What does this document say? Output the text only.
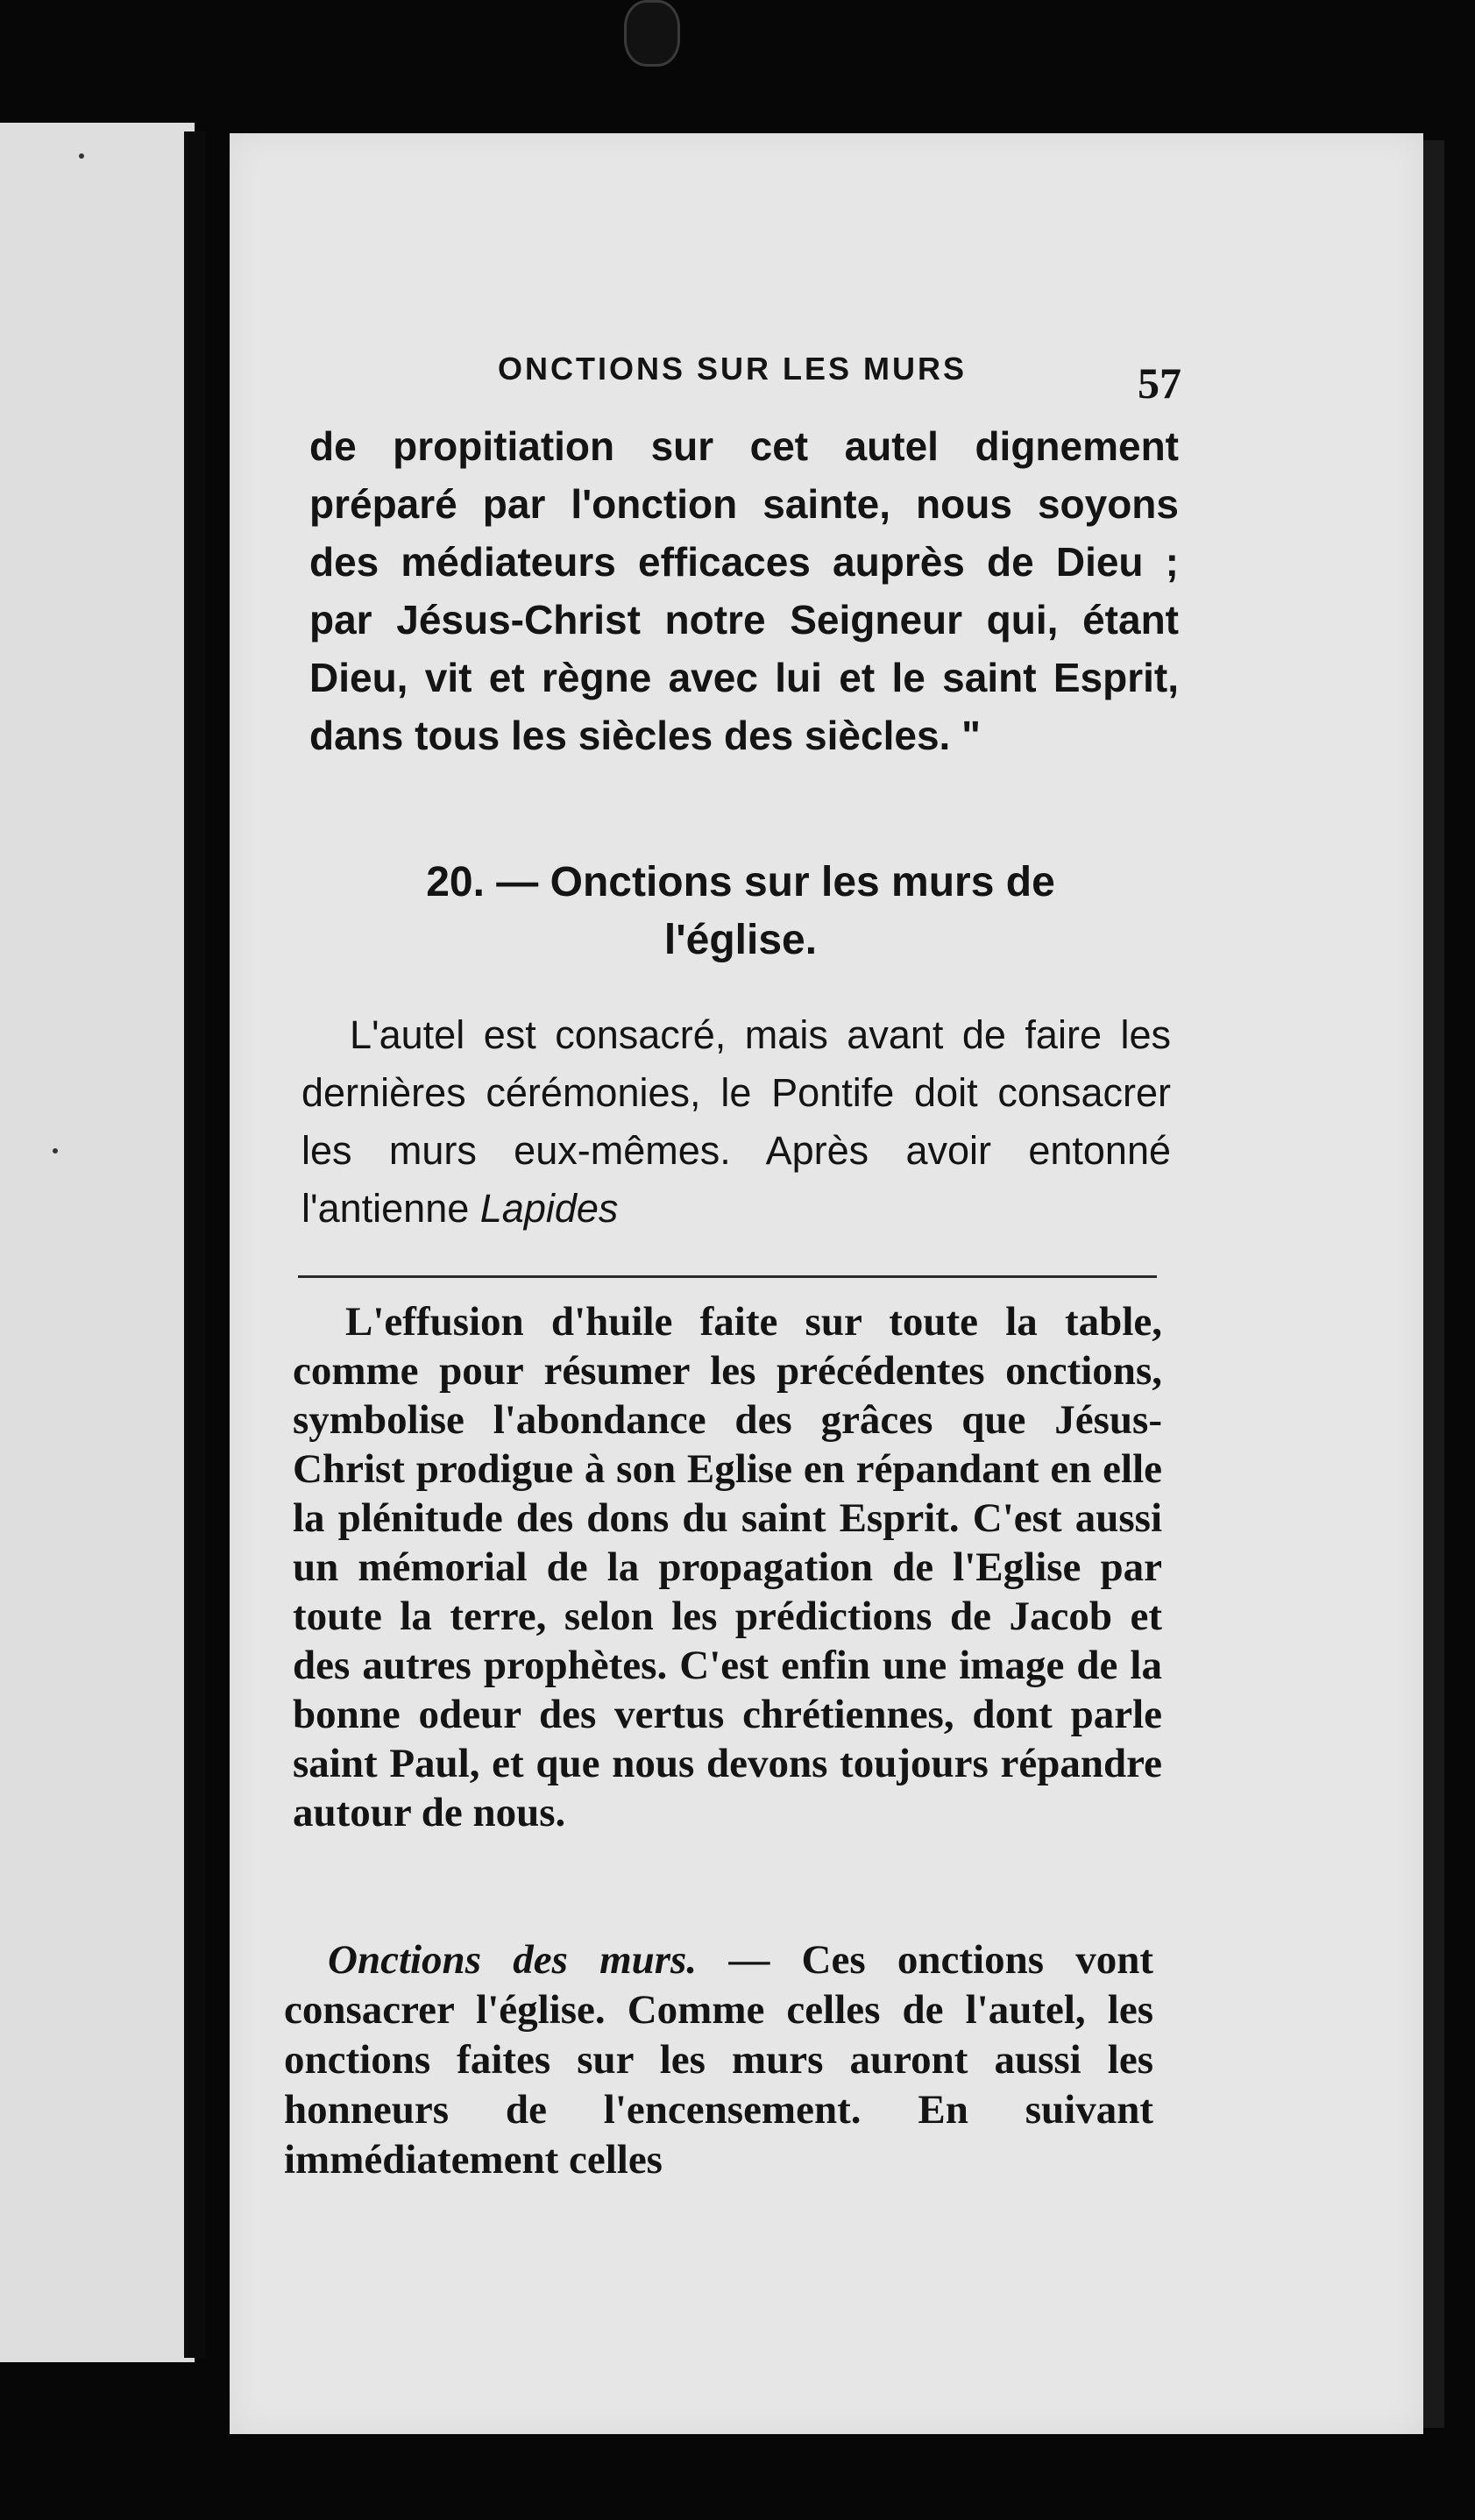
ONCTIONS SUR LES MURS	57

de propitiation sur cet autel dignement préparé par l'onction sainte, nous soyons des médiateurs efficaces auprès de Dieu ; par Jésus-Christ notre Seigneur qui, étant Dieu, vit et règne avec lui et le saint Esprit, dans tous les siècles des siècles. "

20. — Onctions sur les murs de l'église.

L'autel est consacré, mais avant de faire les dernières cérémonies, le Pontife doit consacrer les murs eux-mêmes. Après avoir entonné l'antienne Lapides

L'effusion d'huile faite sur toute la table, comme pour résumer les précédentes onctions, symbolise l'abondance des grâces que Jésus-Christ prodigue à son Eglise en répandant en elle la plénitude des dons du saint Esprit. C'est aussi un mémorial de la propagation de l'Eglise par toute la terre, selon les prédictions de Jacob et des autres prophètes. C'est enfin une image de la bonne odeur des vertus chrétiennes, dont parle saint Paul, et que nous devons toujours répandre autour de nous.

Onctions des murs. — Ces onctions vont consacrer l'église. Comme celles de l'autel, les onctions faites sur les murs auront aussi les honneurs de l'encensement. En suivant immédiatement celles
